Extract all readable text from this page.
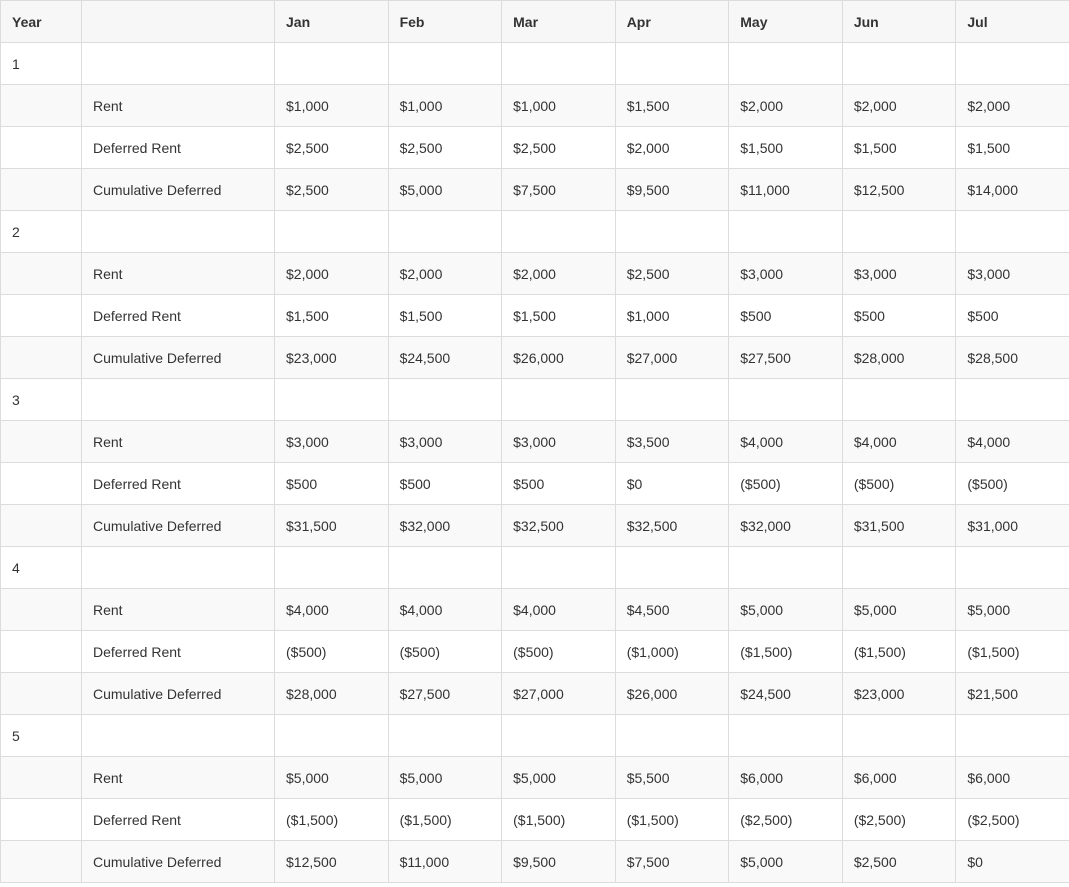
Year		Jan	Feb	Mar	Apr	May	Jun	Jul
1								
	Rent	$1,000	$1,000	$1,000	$1,500	$2,000	$2,000	$2,000
	Deferred Rent	$2,500	$2,500	$2,500	$2,000	$1,500	$1,500	$1,500
	Cumulative Deferred	$2,500	$5,000	$7,500	$9,500	$11,000	$12,500	$14,000
2								
	Rent	$2,000	$2,000	$2,000	$2,500	$3,000	$3,000	$3,000
	Deferred Rent	$1,500	$1,500	$1,500	$1,000	$500	$500	$500
	Cumulative Deferred	$23,000	$24,500	$26,000	$27,000	$27,500	$28,000	$28,500
3								
	Rent	$3,000	$3,000	$3,000	$3,500	$4,000	$4,000	$4,000
	Deferred Rent	$500	$500	$500	$0	($500)	($500)	($500)
	Cumulative Deferred	$31,500	$32,000	$32,500	$32,500	$32,000	$31,500	$31,000
4								
	Rent	$4,000	$4,000	$4,000	$4,500	$5,000	$5,000	$5,000
	Deferred Rent	($500)	($500)	($500)	($1,000)	($1,500)	($1,500)	($1,500)
	Cumulative Deferred	$28,000	$27,500	$27,000	$26,000	$24,500	$23,000	$21,500
5								
	Rent	$5,000	$5,000	$5,000	$5,500	$6,000	$6,000	$6,000
	Deferred Rent	($1,500)	($1,500)	($1,500)	($1,500)	($2,500)	($2,500)	($2,500)
	Cumulative Deferred	$12,500	$11,000	$9,500	$7,500	$5,000	$2,500	$0
